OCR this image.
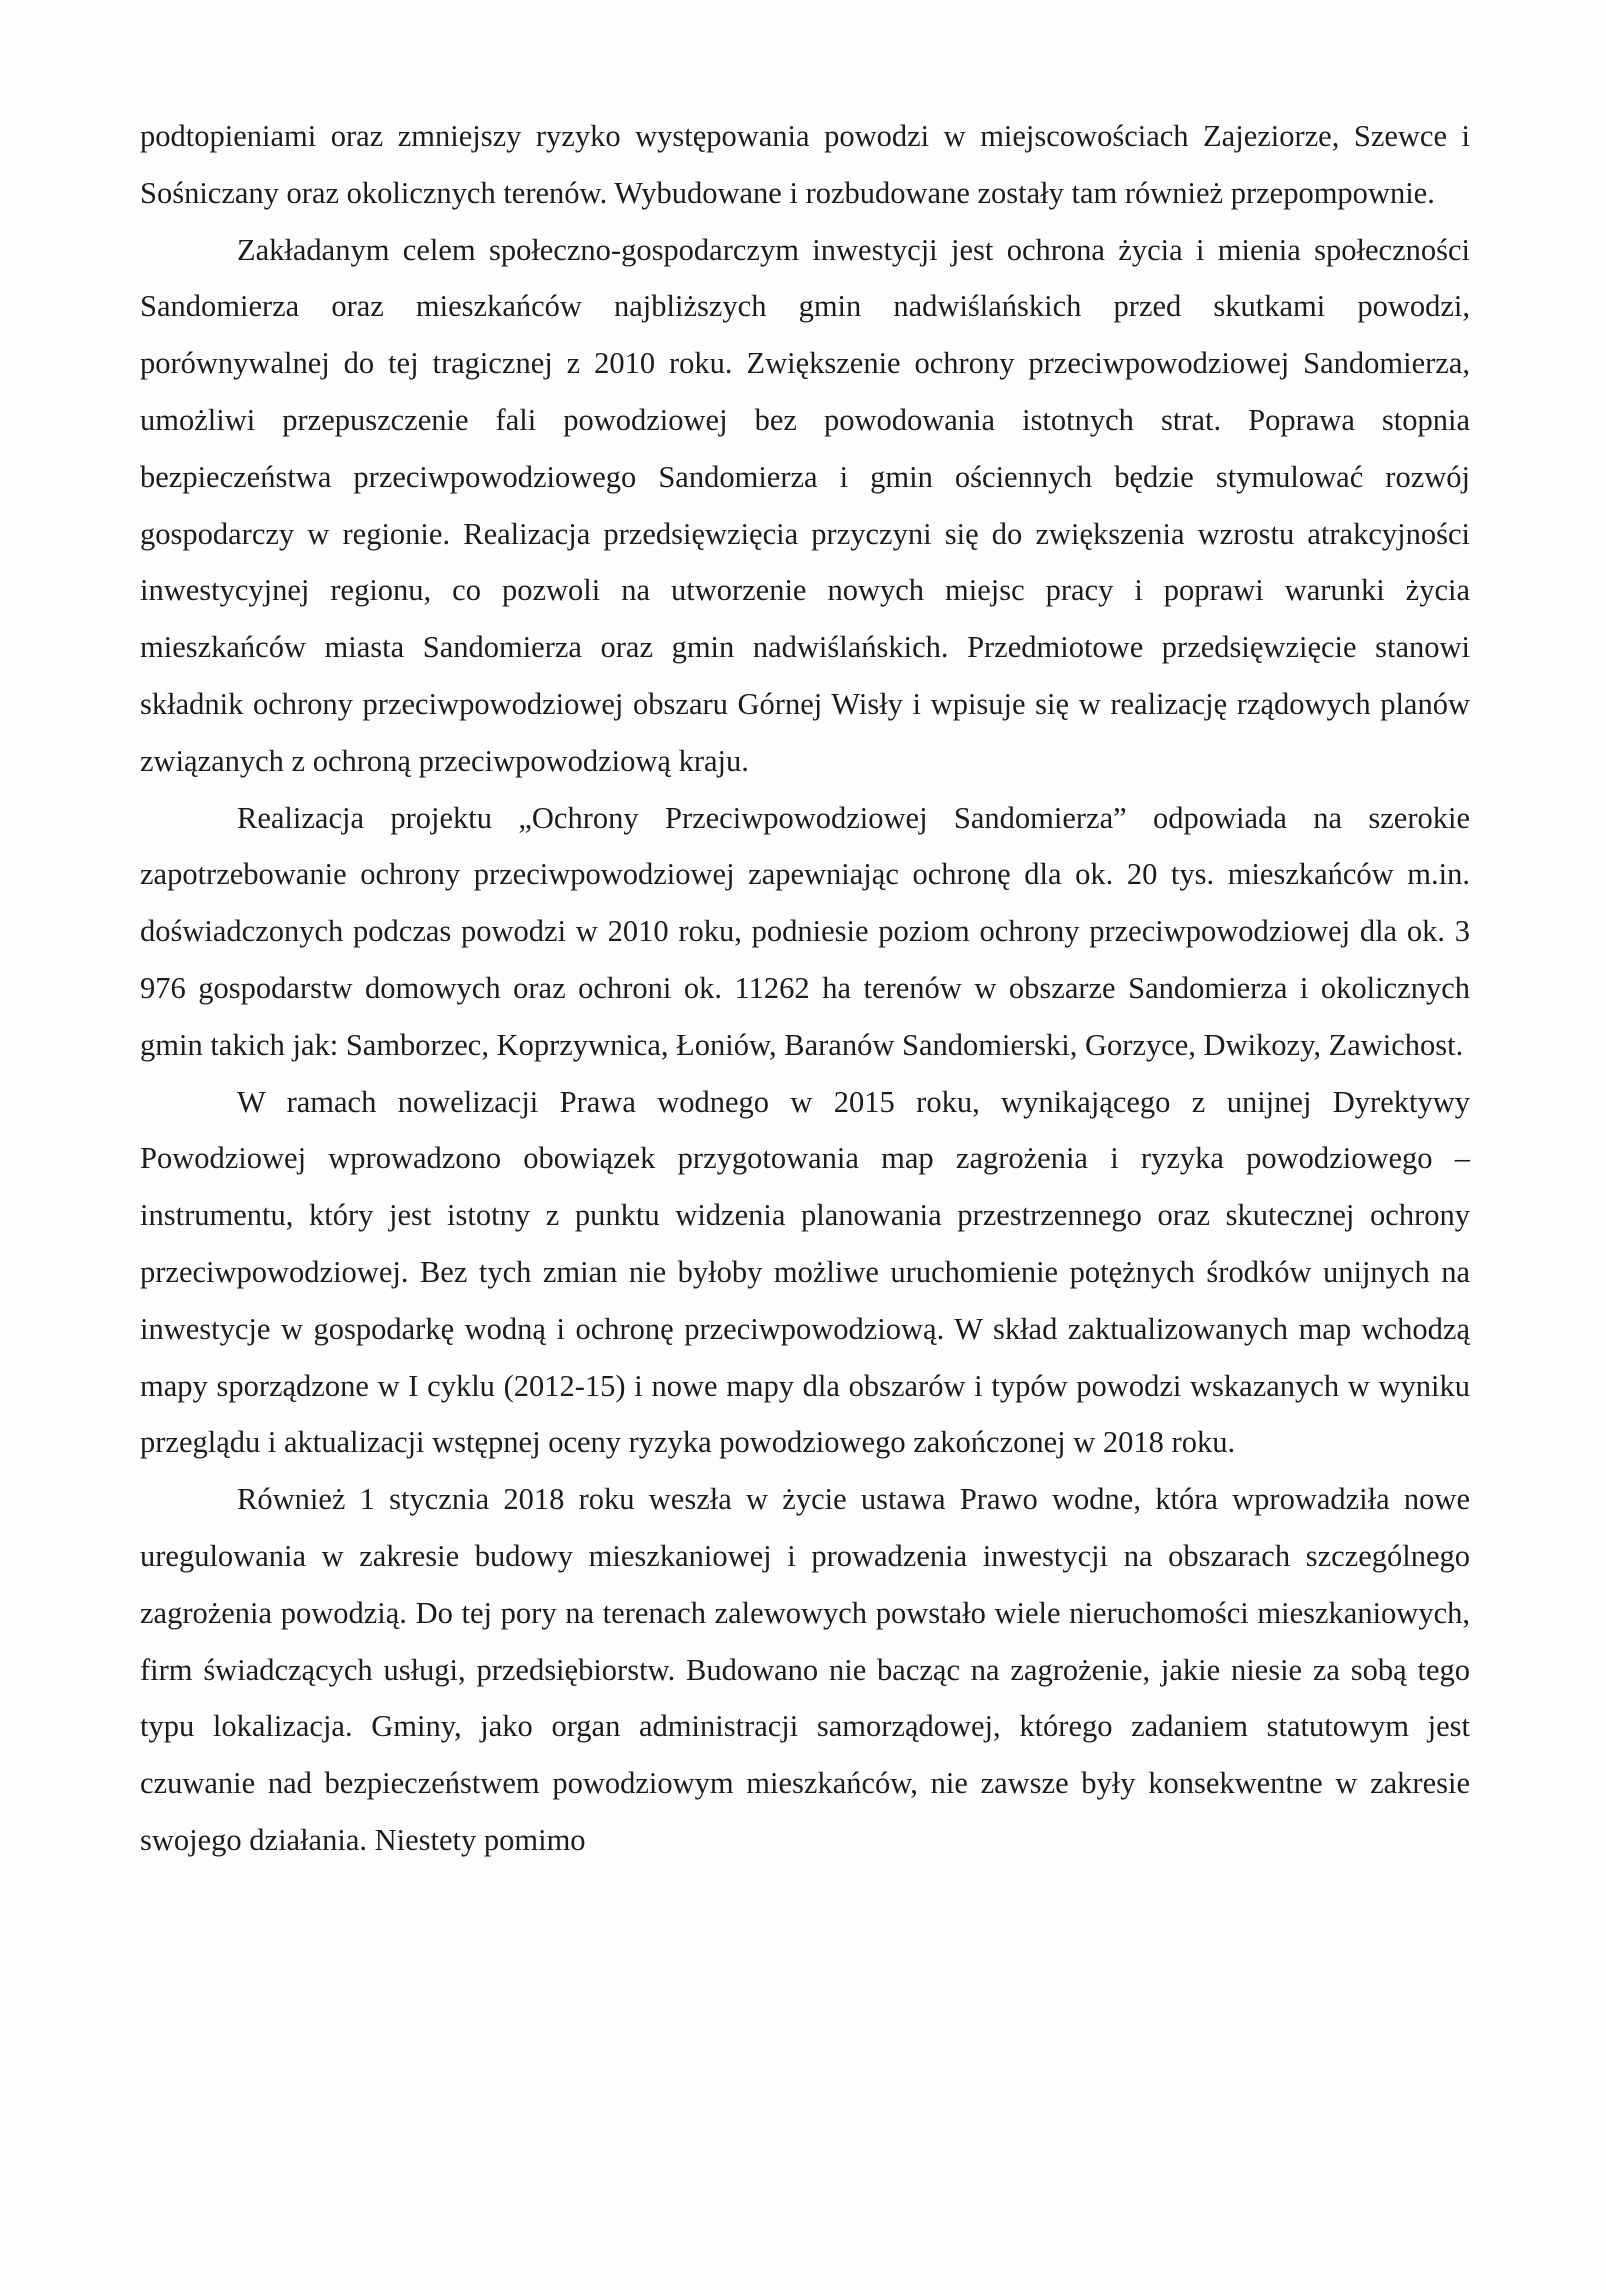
podtopieniami oraz zmniejszy ryzyko występowania powodzi w miejscowościach Zajeziorze, Szewce i Sośniczany oraz okolicznych terenów. Wybudowane i rozbudowane zostały tam również przepompownie.

Zakładanym celem społeczno-gospodarczym inwestycji jest ochrona życia i mienia społeczności Sandomierza oraz mieszkańców najbliższych gmin nadwiślańskich przed skutkami powodzi, porównywalnej do tej tragicznej z 2010 roku. Zwiększenie ochrony przeciwpowodziowej Sandomierza, umożliwi przepuszczenie fali powodziowej bez powodowania istotnych strat. Poprawa stopnia bezpieczeństwa przeciwpowodziowego Sandomierza i gmin ościennych będzie stymulować rozwój gospodarczy w regionie. Realizacja przedsięwzięcia przyczyni się do zwiększenia wzrostu atrakcyjności inwestycyjnej regionu, co pozwoli na utworzenie nowych miejsc pracy i poprawi warunki życia mieszkańców miasta Sandomierza oraz gmin nadwiślańskich. Przedmiotowe przedsięwzięcie stanowi składnik ochrony przeciwpowodziowej obszaru Górnej Wisły i wpisuje się w realizację rządowych planów związanych z ochroną przeciwpowodziową kraju.

Realizacja projektu „Ochrony Przeciwpowodziowej Sandomierza” odpowiada na szerokie zapotrzebowanie ochrony przeciwpowodziowej zapewniając ochronę dla ok. 20 tys. mieszkańców m.in. doświadczonych podczas powodzi w 2010 roku, podniesie poziom ochrony przeciwpowodziowej dla ok. 3 976 gospodarstw domowych oraz ochroni ok. 11262 ha terenów w obszarze Sandomierza i okolicznych gmin takich jak: Samborzec, Koprzywnica, Łoniów, Baranów Sandomierski, Gorzyce, Dwikozy, Zawichost.

W ramach nowelizacji Prawa wodnego w 2015 roku, wynikającego z unijnej Dyrektywy Powodziowej wprowadzono obowiązek przygotowania map zagrożenia i ryzyka powodziowego – instrumentu, który jest istotny z punktu widzenia planowania przestrzennego oraz skutecznej ochrony przeciwpowodziowej. Bez tych zmian nie byłoby możliwe uruchomienie potężnych środków unijnych na inwestycje w gospodarkę wodną i ochronę przeciwpowodziową. W skład zaktualizowanych map wchodzą mapy sporządzone w I cyklu (2012-15) i nowe mapy dla obszarów i typów powodzi wskazanych w wyniku przeglądu i aktualizacji wstępnej oceny ryzyka powodziowego zakończonej w 2018 roku.

Również 1 stycznia 2018 roku weszła w życie ustawa Prawo wodne, która wprowadziła nowe uregulowania w zakresie budowy mieszkaniowej i prowadzenia inwestycji na obszarach szczególnego zagrożenia powodzią. Do tej pory na terenach zalewowych powstało wiele nieruchomości mieszkaniowych, firm świadczących usługi, przedsiębiorstw. Budowano nie bacząc na zagrożenie, jakie niesie za sobą tego typu lokalizacja. Gminy, jako organ administracji samorządowej, którego zadaniem statutowym jest czuwanie nad bezpieczeństwem powodziowym mieszkańców, nie zawsze były konsekwentne w zakresie swojego działania. Niestety pomimo
